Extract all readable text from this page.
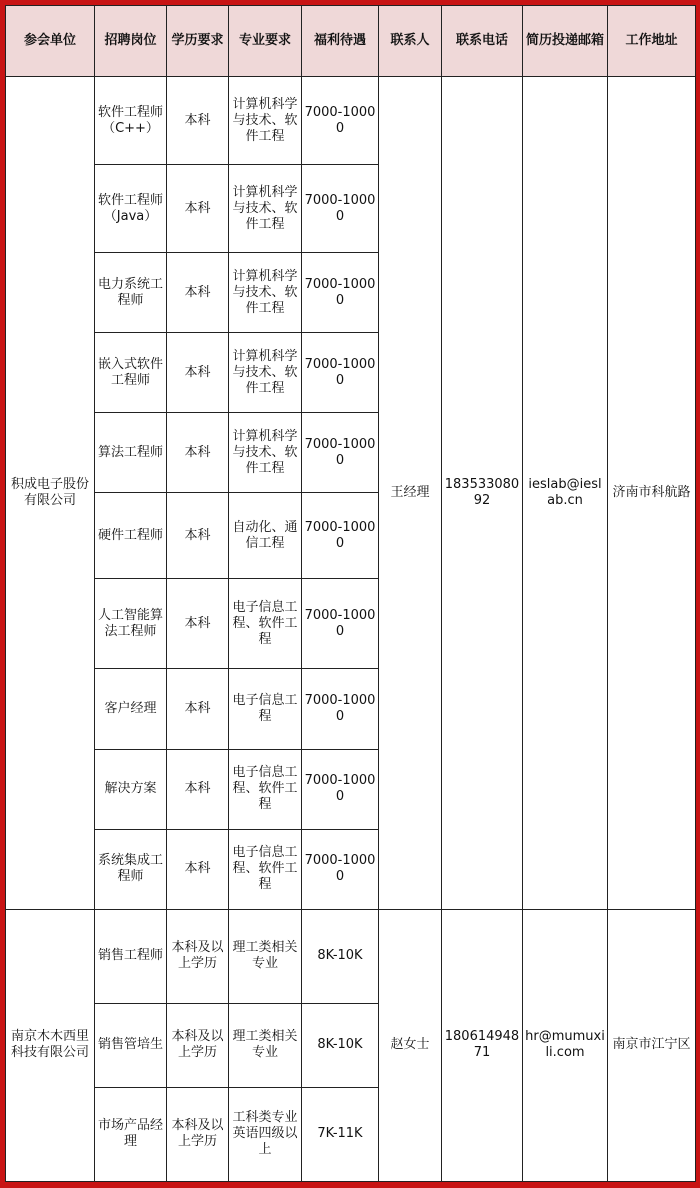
参会单位	招聘岗位	学历要求	专业要求	福利待遇	联系人	联系电话	简历投递邮箱	工作地址
积成电子股份有限公司	软件工程师（C++）	本科	计算机科学与技术、软件工程	7000-10000	王经理	18353308092	ieslab@ieslab.cn	济南市科航路
	软件工程师（Java）	本科	计算机科学与技术、软件工程	7000-10000				
	电力系统工程师	本科	计算机科学与技术、软件工程	7000-10000				
	嵌入式软件工程师	本科	计算机科学与技术、软件工程	7000-10000				
	算法工程师	本科	计算机科学与技术、软件工程	7000-10000				
	硬件工程师	本科	自动化、通信工程	7000-10000				
	人工智能算法工程师	本科	电子信息工程、软件工程	7000-10000				
	客户经理	本科	电子信息工程	7000-10000				
	解决方案	本科	电子信息工程、软件工程	7000-10000				
	系统集成工程师	本科	电子信息工程、软件工程	7000-10000				
南京木木西里科技有限公司	销售工程师	本科及以上学历	理工类相关专业	8K-10K	赵女士	18061494871	hr@mumuxili.com	南京市江宁区
	销售管培生	本科及以上学历	理工类相关专业	8K-10K				
	市场产品经理	本科及以上学历	工科类专业英语四级以上	7K-11K				
